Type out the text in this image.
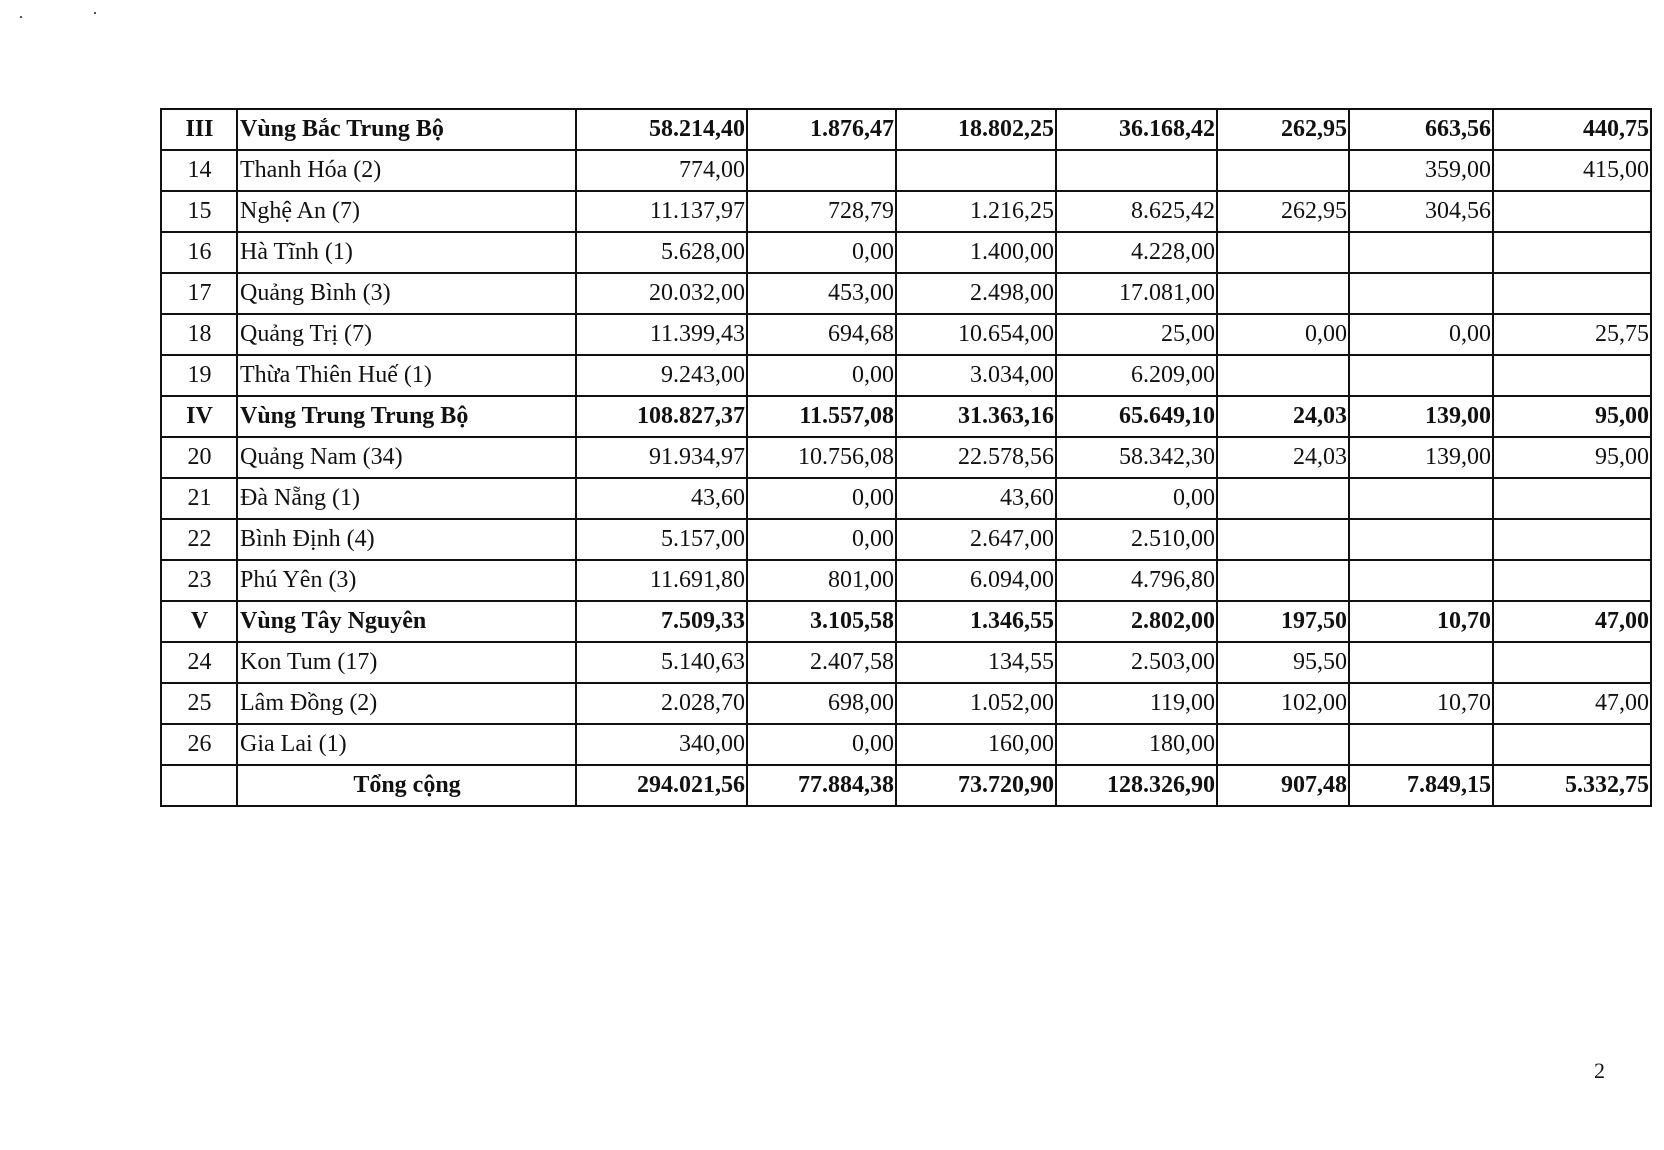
III	Vùng Bắc Trung Bộ	58.214,40	1.876,47	18.802,25	36.168,42	262,95	663,56	440,75
14	Thanh Hóa (2)	774,00					359,00	415,00
15	Nghệ An (7)	11.137,97	728,79	1.216,25	8.625,42	262,95	304,56	
16	Hà Tĩnh (1)	5.628,00	0,00	1.400,00	4.228,00			
17	Quảng Bình (3)	20.032,00	453,00	2.498,00	17.081,00			
18	Quảng Trị (7)	11.399,43	694,68	10.654,00	25,00	0,00	0,00	25,75
19	Thừa Thiên Huế (1)	9.243,00	0,00	3.034,00	6.209,00			
IV	Vùng Trung Trung Bộ	108.827,37	11.557,08	31.363,16	65.649,10	24,03	139,00	95,00
20	Quảng Nam (34)	91.934,97	10.756,08	22.578,56	58.342,30	24,03	139,00	95,00
21	Đà Nẵng (1)	43,60	0,00	43,60	0,00			
22	Bình Định (4)	5.157,00	0,00	2.647,00	2.510,00			
23	Phú Yên (3)	11.691,80	801,00	6.094,00	4.796,80			
V	Vùng Tây Nguyên	7.509,33	3.105,58	1.346,55	2.802,00	197,50	10,70	47,00
24	Kon Tum (17)	5.140,63	2.407,58	134,55	2.503,00	95,50		
25	Lâm Đồng (2)	2.028,70	698,00	1.052,00	119,00	102,00	10,70	47,00
26	Gia Lai (1)	340,00	0,00	160,00	180,00			
	Tổng cộng	294.021,56	77.884,38	73.720,90	128.326,90	907,48	7.849,15	5.332,75
2
